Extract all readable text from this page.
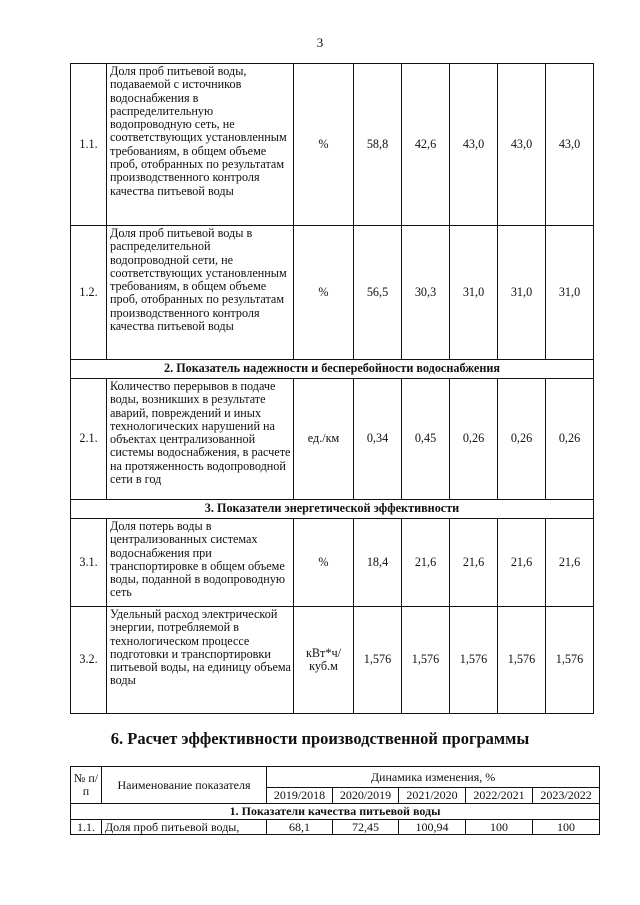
3
1.1.	Доля проб питьевой воды, подаваемой с источников водоснабжения в распределительную водопроводную сеть, не соответствующих установленным требованиям, в общем объеме проб, отобранных по результатам производственного контроля качества питьевой воды	%	58,8	42,6	43,0	43,0	43,0
1.2.	Доля проб питьевой воды в распределительной водопроводной сети, не соответствующих установленным требованиям, в общем объеме проб, отобранных по результатам производственного контроля качества питьевой воды	%	56,5	30,3	31,0	31,0	31,0
2. Показатель надежности и бесперебойности водоснабжения							
2.1.	Количество перерывов в подаче воды, возникших в результате аварий, повреждений и иных технологических нарушений на объектах централизованной системы водоснабжения, в расчете на протяженность водопроводной сети в год	ед./км	0,34	0,45	0,26	0,26	0,26
3. Показатели энергетической эффективности							
3.1.	Доля потерь воды в централизованных системах водоснабжения при транспортировке в общем объеме воды, поданной в водопроводную сеть	%	18,4	21,6	21,6	21,6	21,6
3.2.	Удельный расход электрической энергии, потребляемой в технологическом процессе подготовки и транспортировки питьевой воды, на единицу объема воды	кВт*ч/ куб.м	1,576	1,576	1,576	1,576	1,576
6. Расчет эффективности производственной программы
№ п/п	Наименование показателя	Динамика изменения, %				
		2019/2018	2020/2019	2021/2020	2022/2021	2023/2022
1. Показатели качества питьевой воды						
1.1.	Доля проб питьевой воды,	68,1	72,45	100,94	100	100
